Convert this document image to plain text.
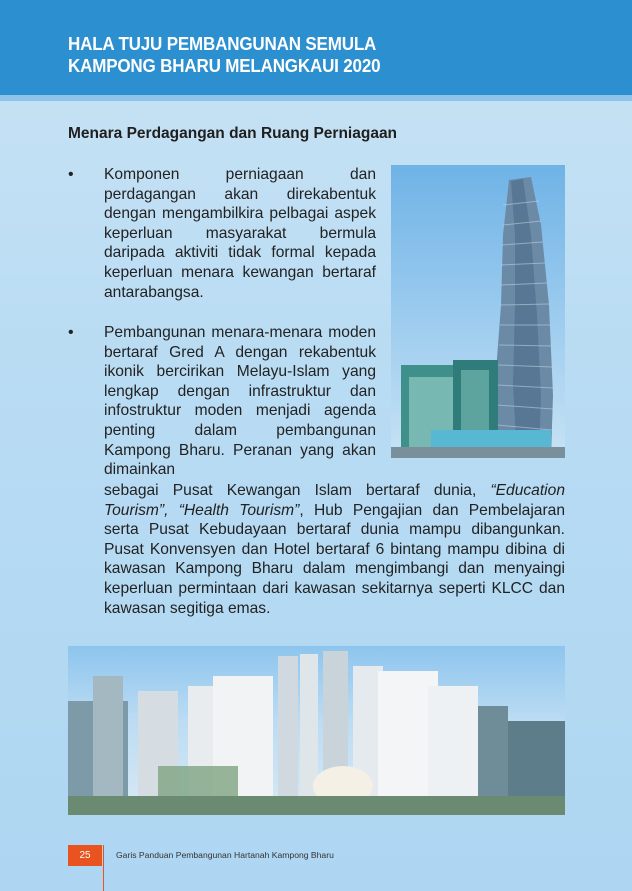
HALA TUJU PEMBANGUNAN SEMULA
KAMPONG BHARU MELANGKAUI 2020
Menara Perdagangan dan Ruang Perniagaan
• Komponen perniagaan dan perdagangan akan direkabentuk dengan mengambilkira pelbagai aspek keperluan masyarakat bermula daripada aktiviti tidak formal kepada keperluan menara kewangan bertaraf antarabangsa.

• Pembangunan menara-menara moden bertaraf Gred A dengan rekabentuk ikonik bercirikan Melayu-Islam yang lengkap dengan infrastruktur dan infostruktur moden menjadi agenda penting dalam pembangunan Kampong Bharu. Peranan yang akan dimainkan

sebagai Pusat Kewangan Islam bertaraf dunia, “Education Tourism”, “Health Tourism”, Hub Pengajian dan Pembelajaran serta Pusat Kebudayaan bertaraf dunia mampu dibangunkan. Pusat Konvensyen dan Hotel bertaraf 6 bintang mampu dibina di kawasan Kampong Bharu dalam mengimbangi dan menyaingi keperluan permintaan dari kawasan sekitarnya seperti KLCC dan kawasan segitiga emas.

25	Garis Panduan Pembangunan Hartanah Kampong Bharu
